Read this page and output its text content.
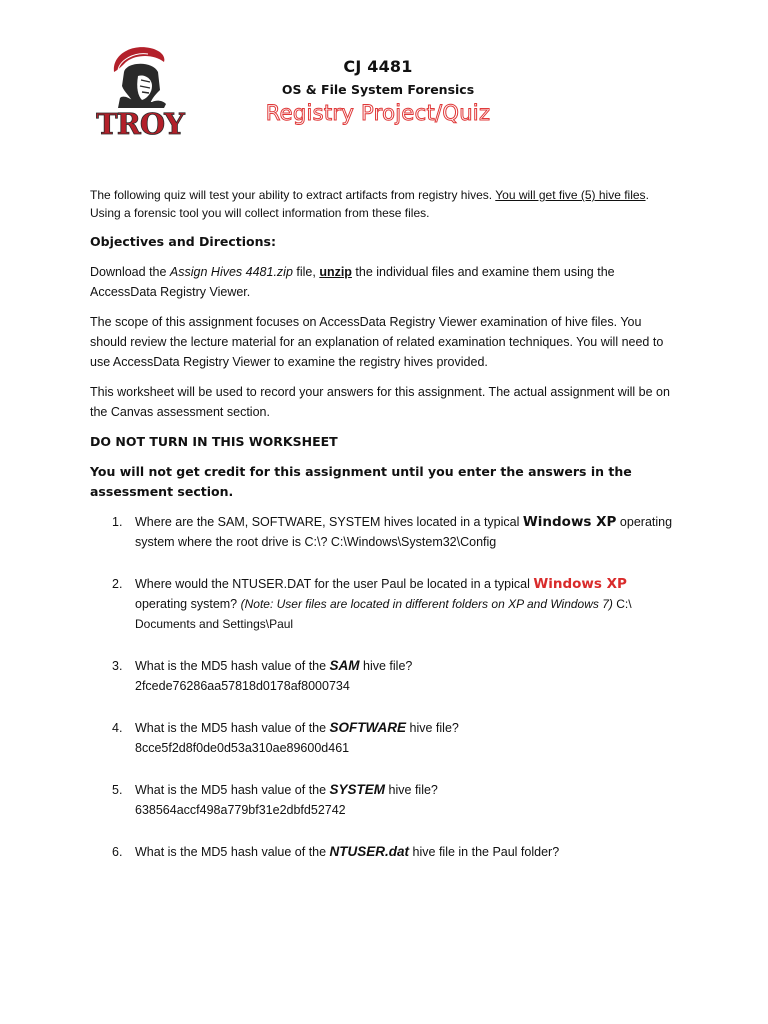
TROY
CJ 4481
OS & File System Forensics
Registry Project/Quiz

The following quiz will test your ability to extract artifacts from registry hives. You will get five (5) hive files. Using a forensic tool you will collect information from these files.

Objectives and Directions:

Download the Assign Hives 4481.zip file, unzip the individual files and examine them using the AccessData Registry Viewer.

The scope of this assignment focuses on AccessData Registry Viewer examination of hive files. You should review the lecture material for an explanation of related examination techniques. You will need to use AccessData Registry Viewer to examine the registry hives provided.

This worksheet will be used to record your answers for this assignment. The actual assignment will be on the Canvas assessment section.

DO NOT TURN IN THIS WORKSHEET

You will not get credit for this assignment until you enter the answers in the assessment section.

1. Where are the SAM, SOFTWARE, SYSTEM hives located in a typical Windows XP operating system where the root drive is C:\? C:\Windows\System32\Config
2. Where would the NTUSER.DAT for the user Paul be located in a typical Windows XP operating system? (Note: User files are located in different folders on XP and Windows 7) C:\ Documents and Settings\Paul
3. What is the MD5 hash value of the SAM hive file?
2fcede76286aa57818d0178af8000734
4. What is the MD5 hash value of the SOFTWARE hive file?
8cce5f2d8f0de0d53a310ae89600d461
5. What is the MD5 hash value of the SYSTEM hive file?
638564accf498a779bf31e2dbfd52742
6. What is the MD5 hash value of the NTUSER.dat hive file in the Paul folder?
